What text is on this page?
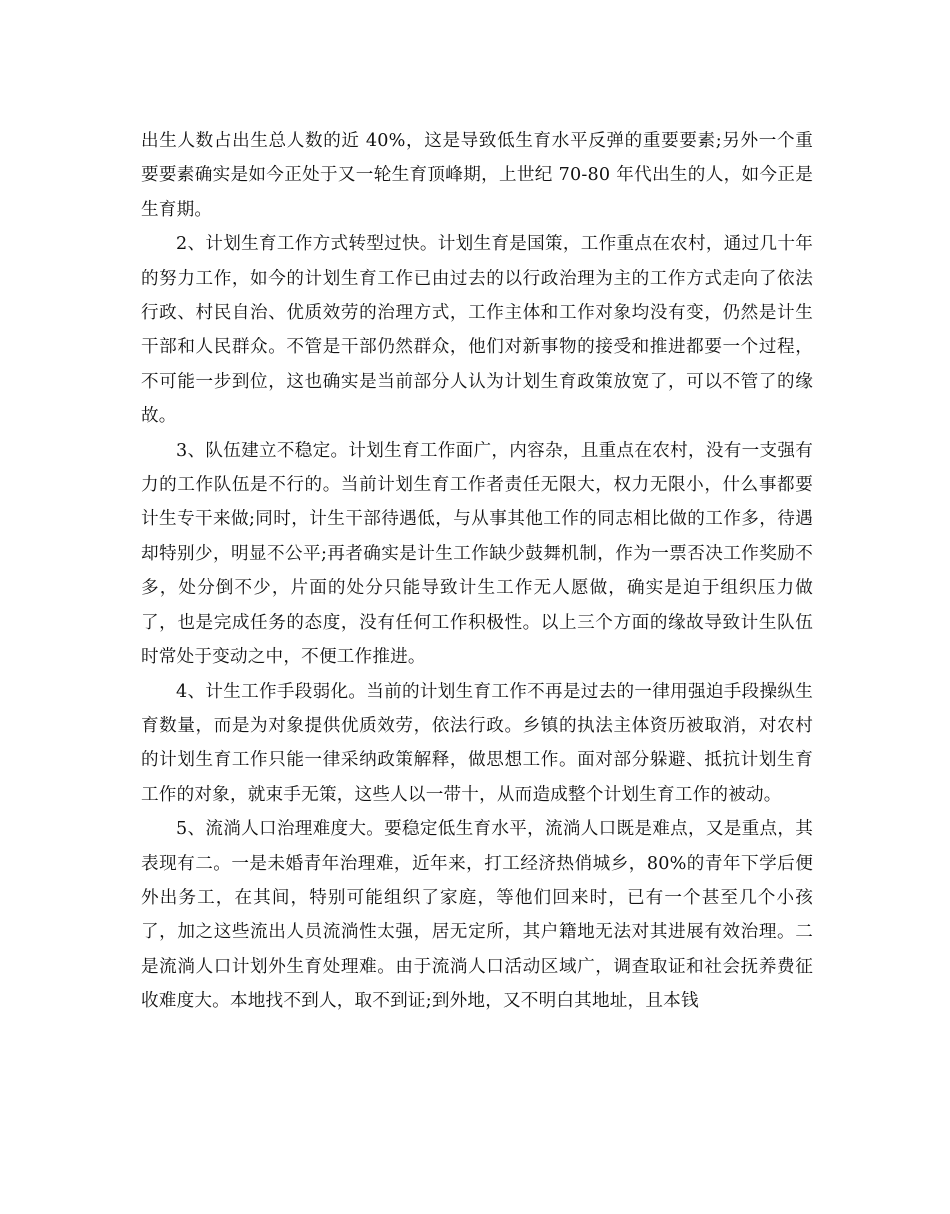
出生人数占出生总人数的近 40%，这是导致低生育水平反弹的重要要素;另外一个重要要素确实是如今正处于又一轮生育顶峰期，上世纪 70-80 年代出生的人，如今正是生育期。

2、计划生育工作方式转型过快。计划生育是国策，工作重点在农村，通过几十年的努力工作，如今的计划生育工作已由过去的以行政治理为主的工作方式走向了依法行政、村民自治、优质效劳的治理方式，工作主体和工作对象均没有变，仍然是计生干部和人民群众。不管是干部仍然群众，他们对新事物的接受和推进都要一个过程，不可能一步到位，这也确实是当前部分人认为计划生育政策放宽了，可以不管了的缘故。

3、队伍建立不稳定。计划生育工作面广，内容杂，且重点在农村，没有一支强有力的工作队伍是不行的。当前计划生育工作者责任无限大，权力无限小，什么事都要计生专干来做;同时，计生干部待遇低，与从事其他工作的同志相比做的工作多，待遇却特别少，明显不公平;再者确实是计生工作缺少鼓舞机制，作为一票否决工作奖励不多，处分倒不少，片面的处分只能导致计生工作无人愿做，确实是迫于组织压力做了，也是完成任务的态度，没有任何工作积极性。以上三个方面的缘故导致计生队伍时常处于变动之中，不便工作推进。

4、计生工作手段弱化。当前的计划生育工作不再是过去的一律用强迫手段操纵生育数量，而是为对象提供优质效劳，依法行政。乡镇的执法主体资历被取消，对农村的计划生育工作只能一律采纳政策解释，做思想工作。面对部分躲避、抵抗计划生育工作的对象，就束手无策，这些人以一带十，从而造成整个计划生育工作的被动。

5、流淌人口治理难度大。要稳定低生育水平，流淌人口既是难点，又是重点，其表现有二。一是未婚青年治理难，近年来，打工经济热俏城乡，80%的青年下学后便外出务工，在其间，特别可能组织了家庭，等他们回来时，已有一个甚至几个小孩了，加之这些流出人员流淌性太强，居无定所，其户籍地无法对其进展有效治理。二是流淌人口计划外生育处理难。由于流淌人口活动区域广，调查取证和社会抚养费征收难度大。本地找不到人，取不到证;到外地，又不明白其地址，且本钱
